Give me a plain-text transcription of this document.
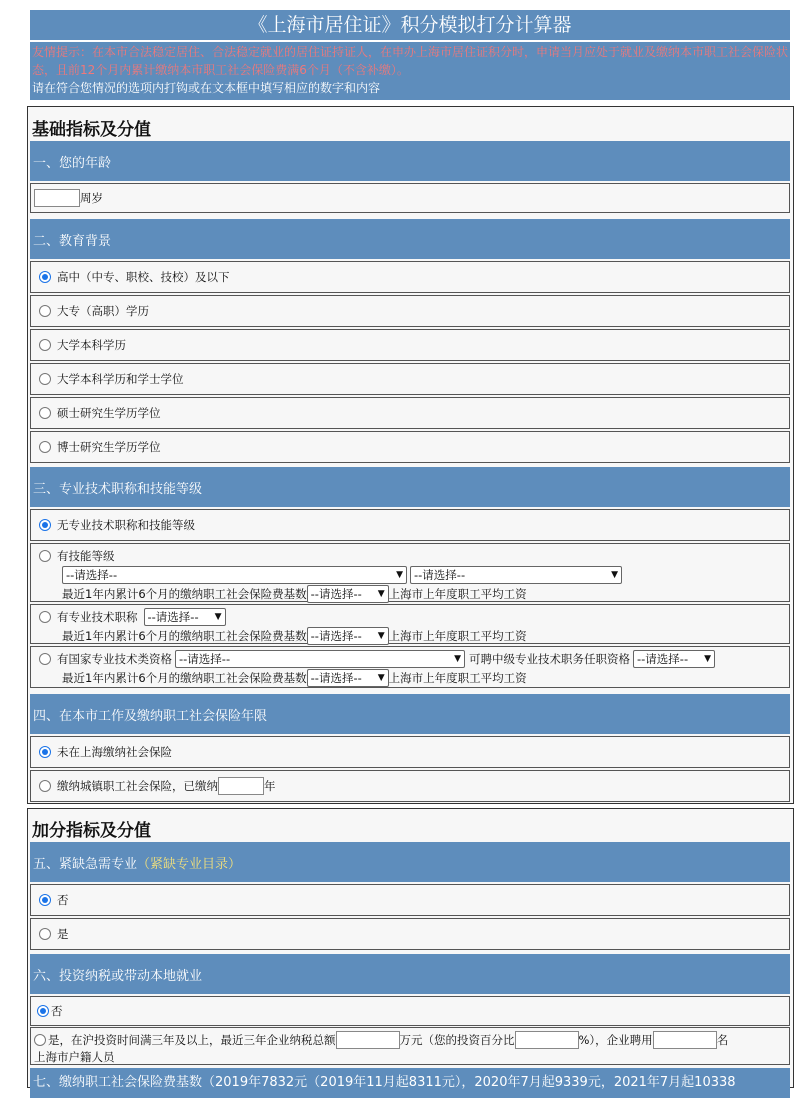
《上海市居住证》积分模拟打分计算器
友情提示：在本市合法稳定居住、合法稳定就业的居住证持证人，在申办上海市居住证积分时，申请当月应处于就业及缴纳本市职工社会保险状态，且前12个月内累计缴纳本市职工社会保险费满6个月（不含补缴）。
请在符合您情况的选项内打钩或在文本框中填写相应的数字和内容
基础指标及分值
一、您的年龄
周岁
二、教育背景
高中（中专、职校、技校）及以下
大专（高职）学历
大学本科学历
大学本科学历和学士学位
硕士研究生学历学位
博士研究生学历学位
三、专业技术职称和技能等级
无专业技术职称和技能等级
有技能等级
--请选择--	▼ --请选择--	▼
最近1年内累计6个月的缴纳职工社会保险费基数 --请选择-- ▼ 上海市上年度职工平均工资
有专业技术职称 --请选择-- ▼
最近1年内累计6个月的缴纳职工社会保险费基数 --请选择-- ▼ 上海市上年度职工平均工资
有国家专业技术类资格 --请选择--	▼ 可聘中级专业技术职务任职资格 --请选择-- ▼
最近1年内累计6个月的缴纳职工社会保险费基数 --请选择-- ▼ 上海市上年度职工平均工资
四、在本市工作及缴纳职工社会保险年限
未在上海缴纳社会保险
缴纳城镇职工社会保险，已缴纳	年
加分指标及分值
五、紧缺急需专业 （紧缺专业目录）
否
是
六、投资纳税或带动本地就业
否
是，在沪投资时间满三年及以上，最近三年企业纳税总额	万元（您的投资百分比	%），企业聘用	名
上海市户籍人员
七、缴纳职工社会保险费基数（2019年7832元（2019年11月起8311元），2020年7月起9339元，2021年7月起10338
